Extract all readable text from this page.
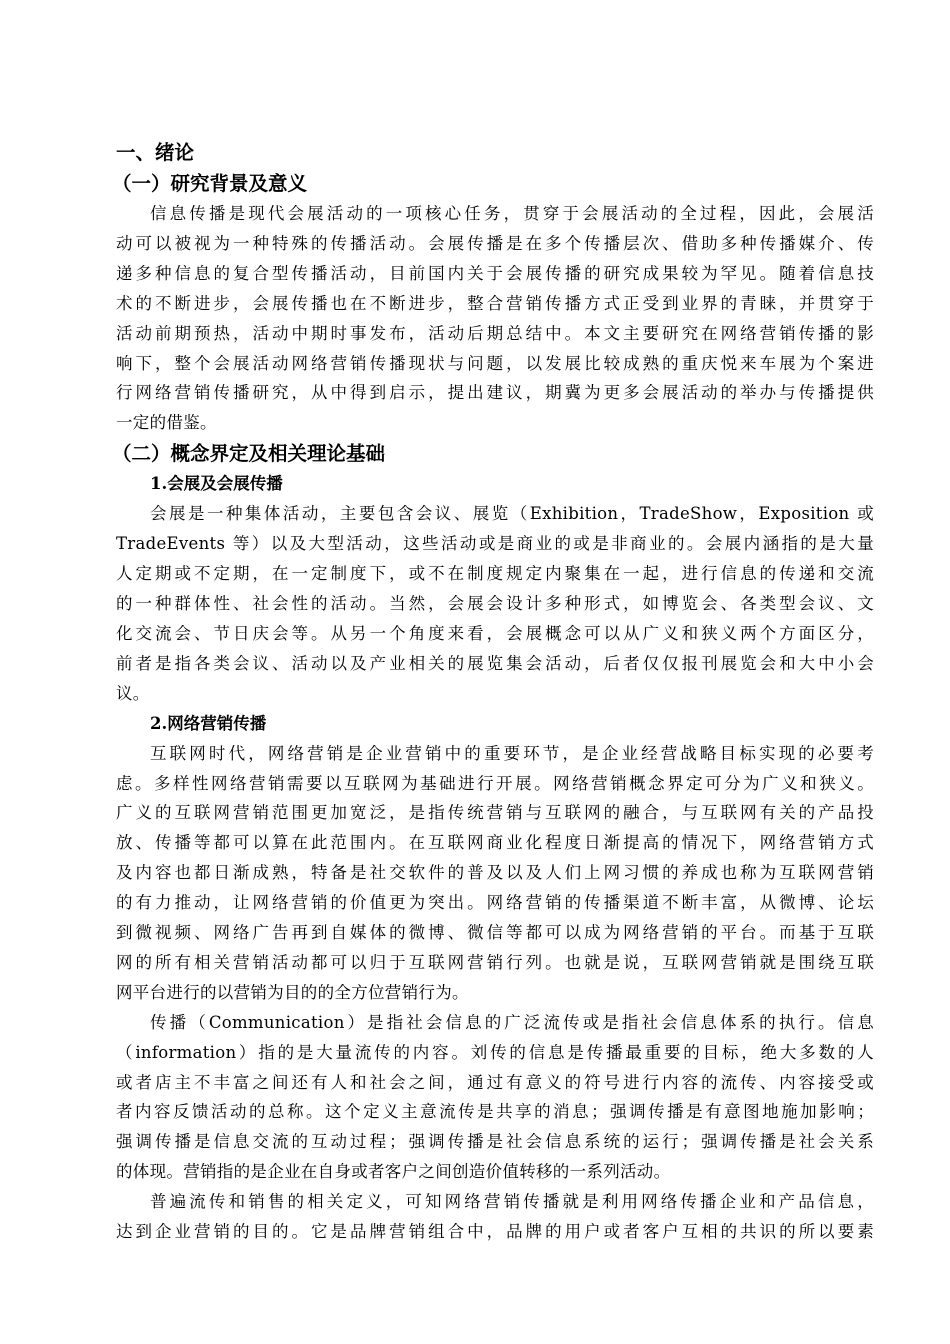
一、绪论
（一）研究背景及意义

信息传播是现代会展活动的一项核心任务，贯穿于会展活动的全过程，因此，会展活
动可以被视为一种特殊的传播活动。会展传播是在多个传播层次、借助多种传播媒介、传
递多种信息的复合型传播活动，目前国内关于会展传播的研究成果较为罕见。随着信息技
术的不断进步，会展传播也在不断进步，整合营销传播方式正受到业界的青睐，并贯穿于
活动前期预热，活动中期时事发布，活动后期总结中。本文主要研究在网络营销传播的影
响下，整个会展活动网络营销传播现状与问题，以发展比较成熟的重庆悦来车展为个案进
行网络营销传播研究，从中得到启示，提出建议，期冀为更多会展活动的举办与传播提供
一定的借鉴。

（二）概念界定及相关理论基础
1.会展及会展传播

会展是一种集体活动，主要包含会议、展览（Exhibition，TradeShow，Exposition 或
TradeEvents 等）以及大型活动，这些活动或是商业的或是非商业的。会展内涵指的是大量
人定期或不定期，在一定制度下，或不在制度规定内聚集在一起，进行信息的传递和交流
的一种群体性、社会性的活动。当然，会展会设计多种形式，如博览会、各类型会议、文
化交流会、节日庆会等。从另一个角度来看，会展概念可以从广义和狭义两个方面区分，
前者是指各类会议、活动以及产业相关的展览集会活动，后者仅仅报刊展览会和大中小会
议。

2.网络营销传播

互联网时代，网络营销是企业营销中的重要环节，是企业经营战略目标实现的必要考
虑。多样性网络营销需要以互联网为基础进行开展。网络营销概念界定可分为广义和狭义。
广义的互联网营销范围更加宽泛，是指传统营销与互联网的融合，与互联网有关的产品投
放、传播等都可以算在此范围内。在互联网商业化程度日渐提高的情况下，网络营销方式
及内容也都日渐成熟，特备是社交软件的普及以及人们上网习惯的养成也称为互联网营销
的有力推动，让网络营销的价值更为突出。网络营销的传播渠道不断丰富，从微博、论坛
到微视频、网络广告再到自媒体的微博、微信等都可以成为网络营销的平台。而基于互联
网的所有相关营销活动都可以归于互联网营销行列。也就是说，互联网营销就是围绕互联
网平台进行的以营销为目的的全方位营销行为。

传播（Communication）是指社会信息的广泛流传或是指社会信息体系的执行。信息
（information）指的是大量流传的内容。刘传的信息是传播最重要的目标，绝大多数的人
或者店主不丰富之间还有人和社会之间，通过有意义的符号进行内容的流传、内容接受或
者内容反馈活动的总称。这个定义主意流传是共享的消息；强调传播是有意图地施加影响；
强调传播是信息交流的互动过程；强调传播是社会信息系统的运行；强调传播是社会关系
的体现。营销指的是企业在自身或者客户之间创造价值转移的一系列活动。

普遍流传和销售的相关定义，可知网络营销传播就是利用网络传播企业和产品信息，
达到企业营销的目的。它是品牌营销组合中，品牌的用户或者客户互相的共识的所以要素
